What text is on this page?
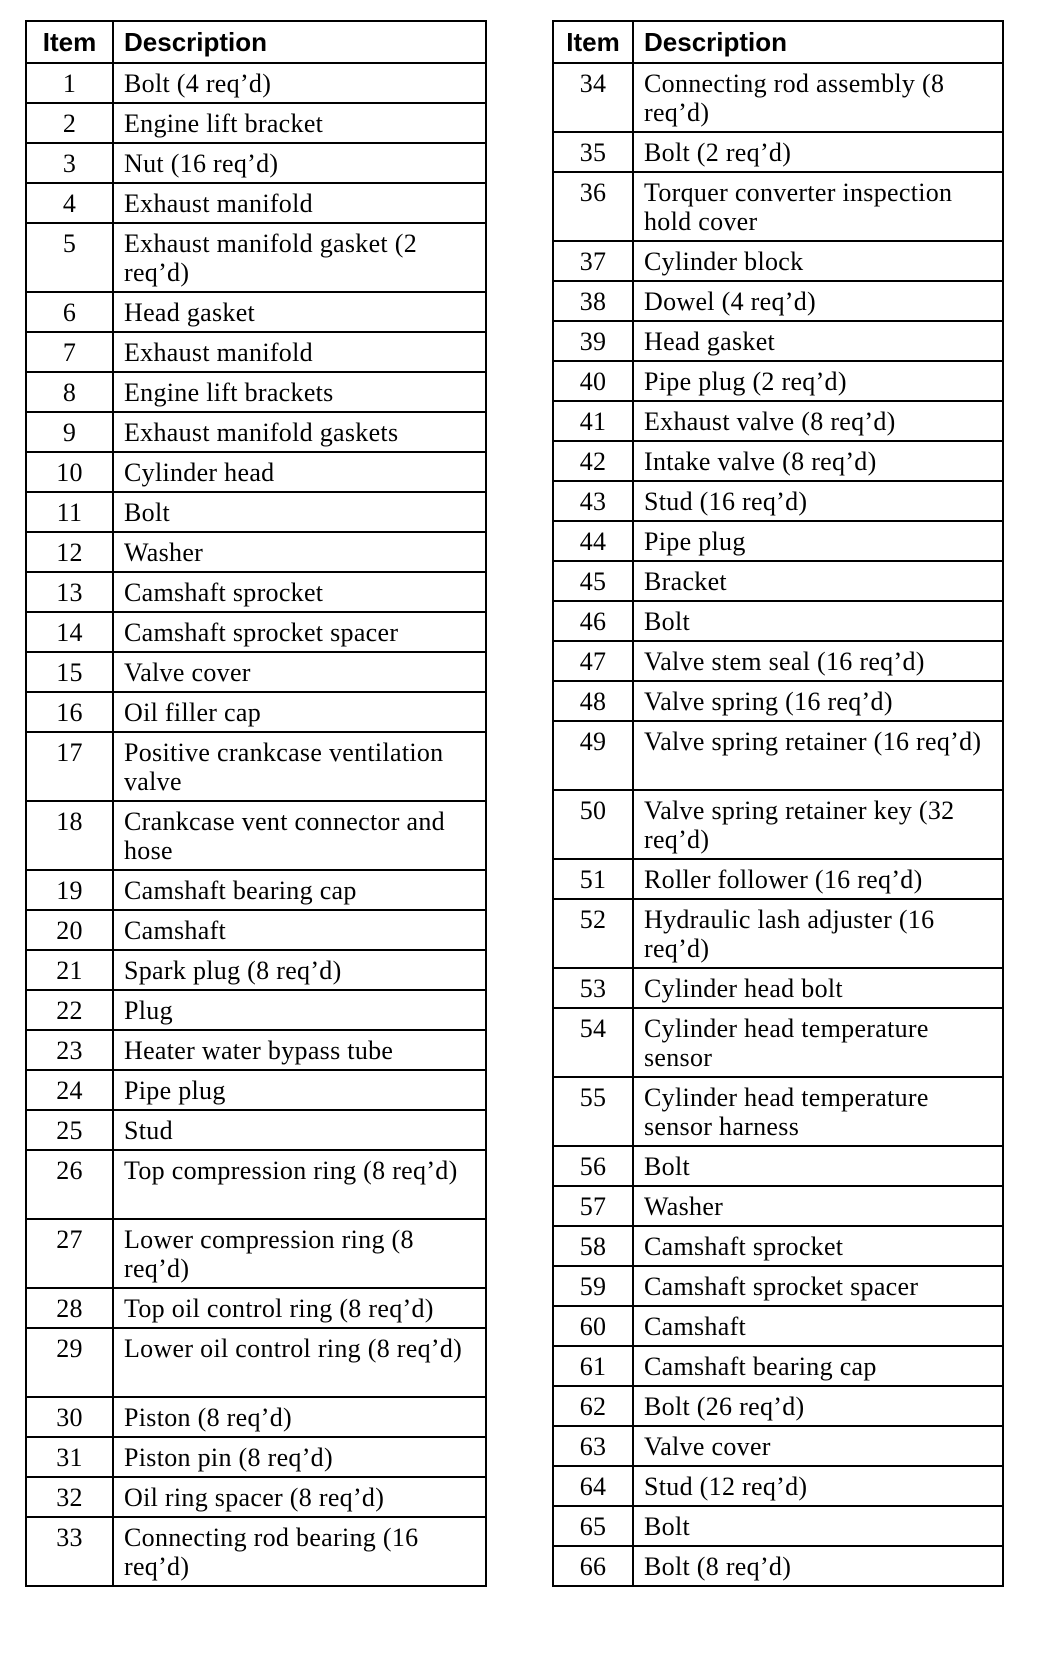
Item	Description
1	Bolt (4 req’d)
2	Engine lift bracket
3	Nut (16 req’d)
4	Exhaust manifold
5	Exhaust manifold gasket (2 req’d)
6	Head gasket
7	Exhaust manifold
8	Engine lift brackets
9	Exhaust manifold gaskets
10	Cylinder head
11	Bolt
12	Washer
13	Camshaft sprocket
14	Camshaft sprocket spacer
15	Valve cover
16	Oil filler cap
17	Positive crankcase ventilation valve
18	Crankcase vent connector and hose
19	Camshaft bearing cap
20	Camshaft
21	Spark plug (8 req’d)
22	Plug
23	Heater water bypass tube
24	Pipe plug
25	Stud
26	Top compression ring (8 req’d)
27	Lower compression ring (8 req’d)
28	Top oil control ring (8 req’d)
29	Lower oil control ring (8 req’d)
30	Piston (8 req’d)
31	Piston pin (8 req’d)
32	Oil ring spacer (8 req’d)
33	Connecting rod bearing (16 req’d)
Item	Description
34	Connecting rod assembly (8 req’d)
35	Bolt (2 req’d)
36	Torquer converter inspection hold cover
37	Cylinder block
38	Dowel (4 req’d)
39	Head gasket
40	Pipe plug (2 req’d)
41	Exhaust valve (8 req’d)
42	Intake valve (8 req’d)
43	Stud (16 req’d)
44	Pipe plug
45	Bracket
46	Bolt
47	Valve stem seal (16 req’d)
48	Valve spring (16 req’d)
49	Valve spring retainer (16 req’d)
50	Valve spring retainer key (32 req’d)
51	Roller follower (16 req’d)
52	Hydraulic lash adjuster (16 req’d)
53	Cylinder head bolt
54	Cylinder head temperature sensor
55	Cylinder head temperature sensor harness
56	Bolt
57	Washer
58	Camshaft sprocket
59	Camshaft sprocket spacer
60	Camshaft
61	Camshaft bearing cap
62	Bolt (26 req’d)
63	Valve cover
64	Stud (12 req’d)
65	Bolt
66	Bolt (8 req’d)
